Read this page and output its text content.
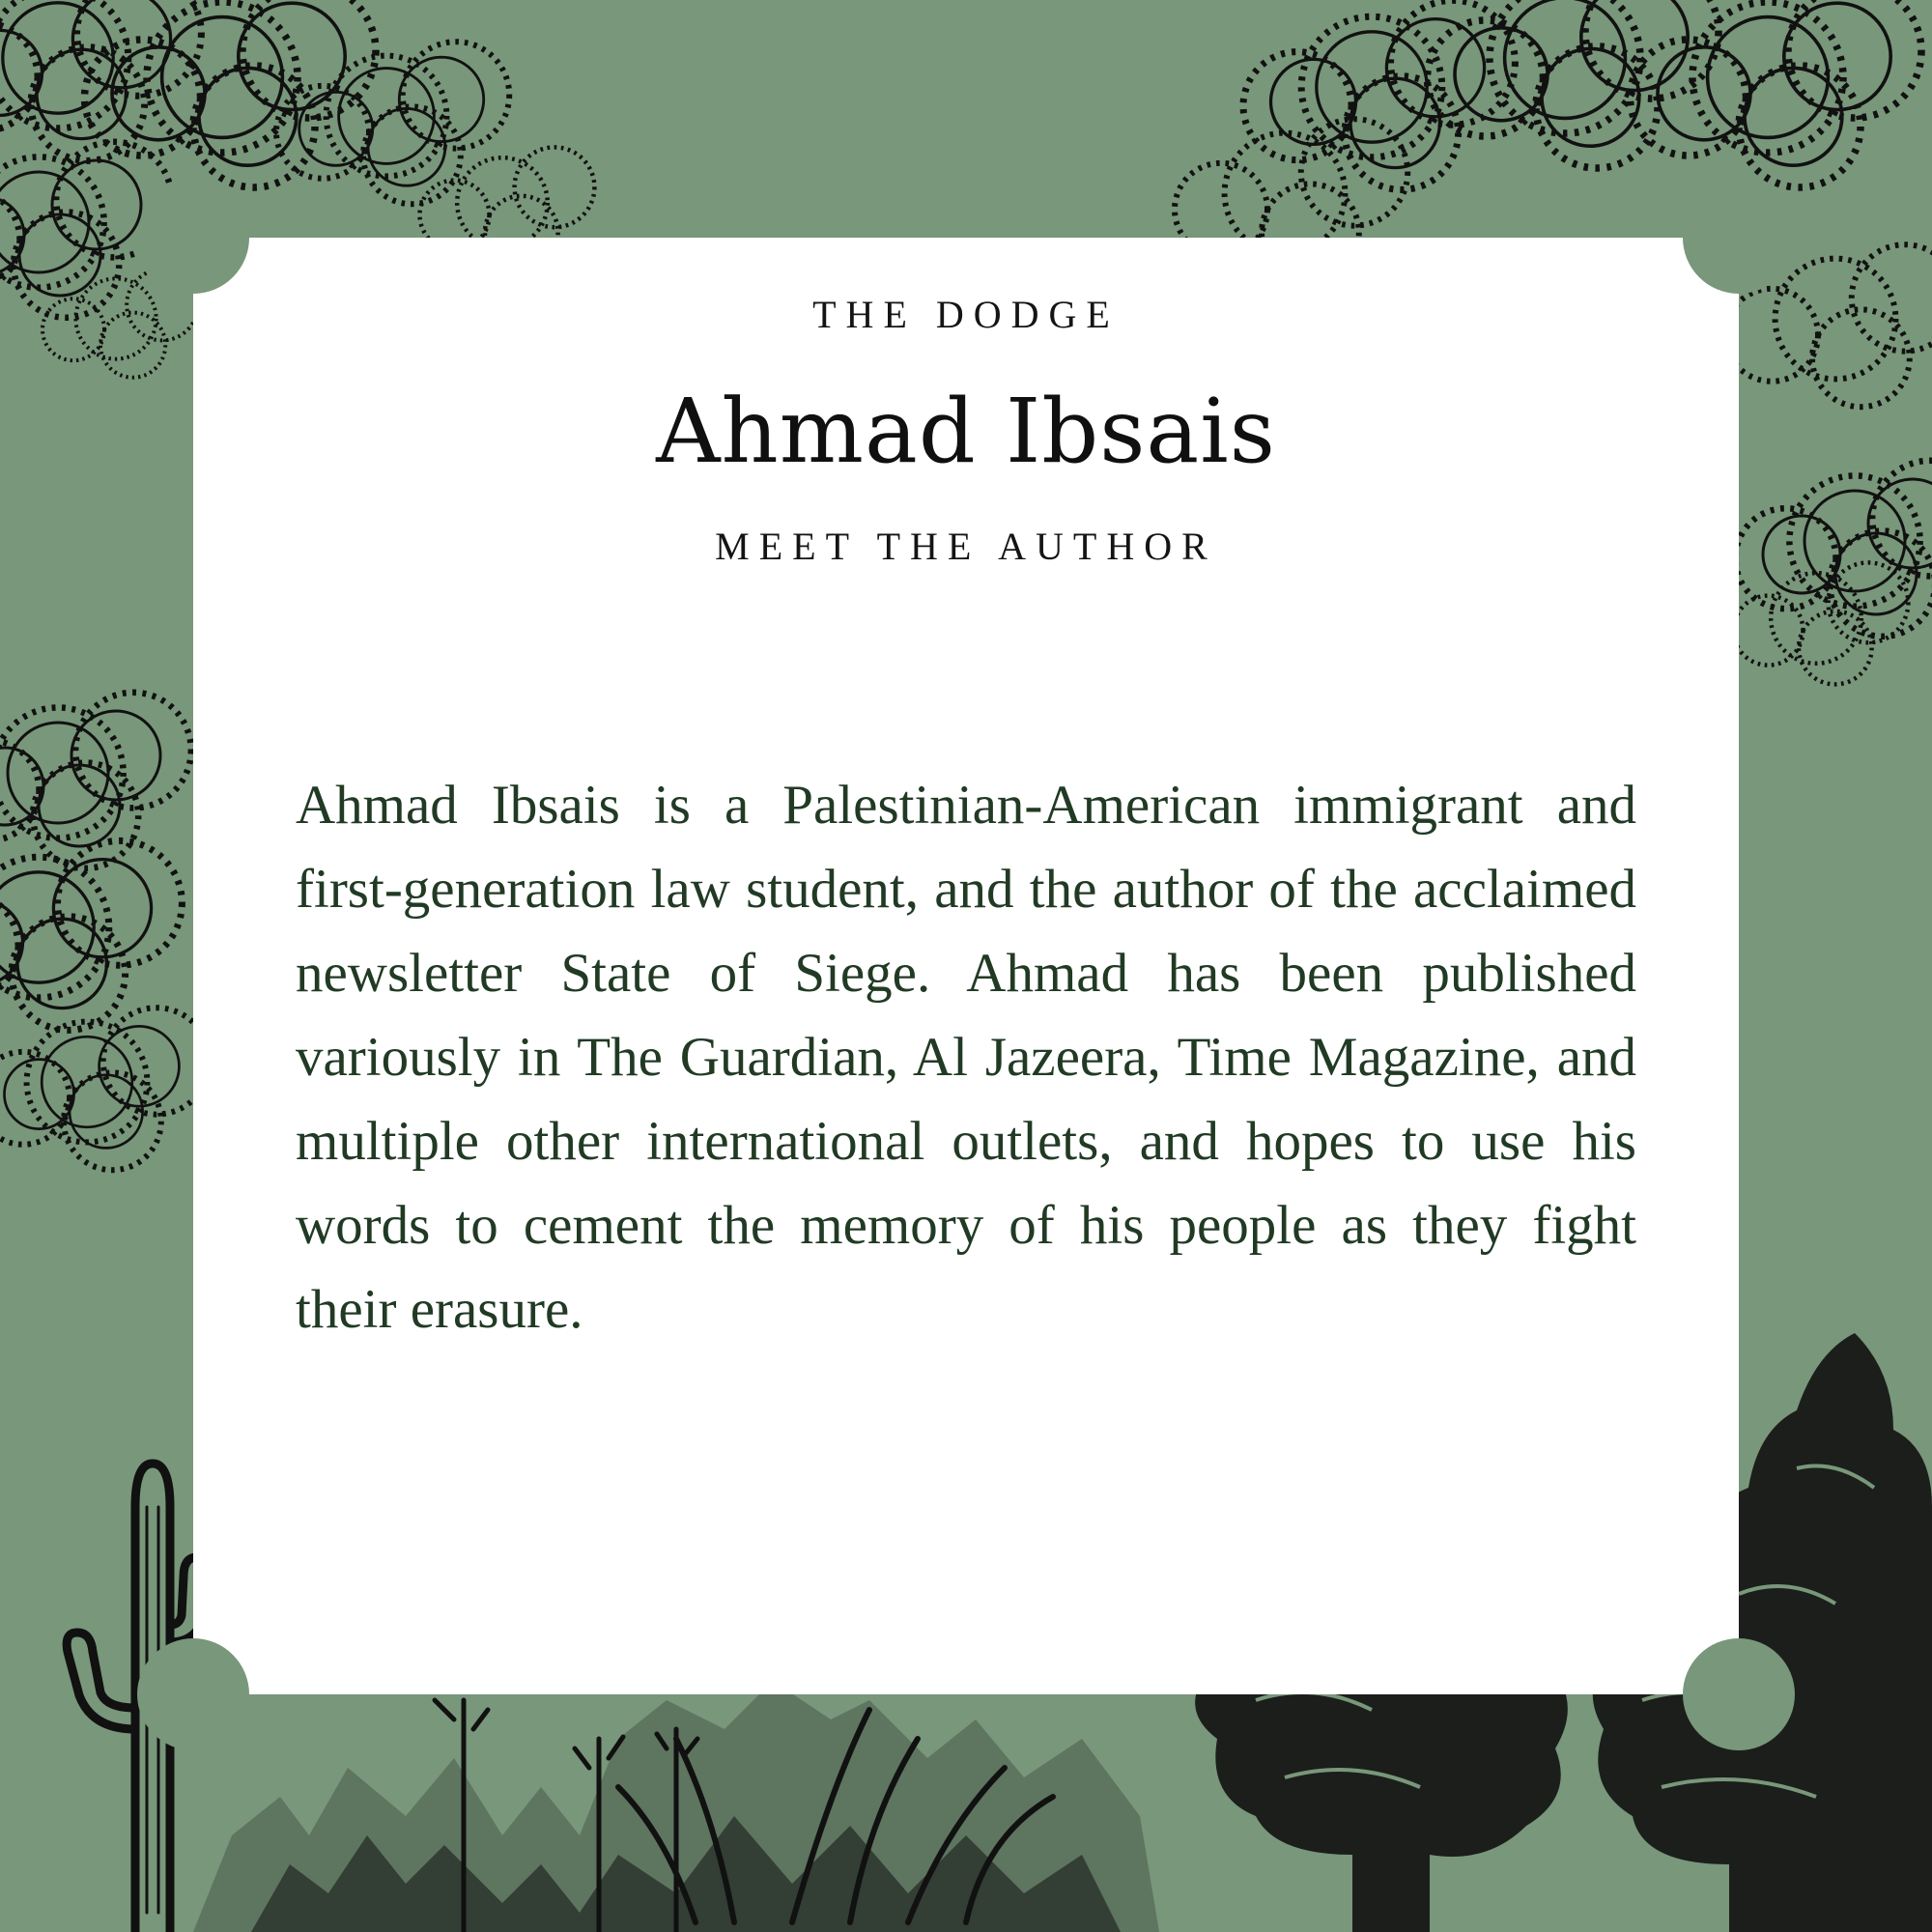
THE DODGE
Ahmad Ibsais
MEET THE AUTHOR

Ahmad Ibsais is a Palestinian-American immigrant and first-generation law student, and the author of the acclaimed newsletter State of Siege. Ahmad has been published variously in The Guardian, Al Jazeera, Time Magazine, and multiple other international outlets, and hopes to use his words to cement the memory of his people as they fight their erasure.
